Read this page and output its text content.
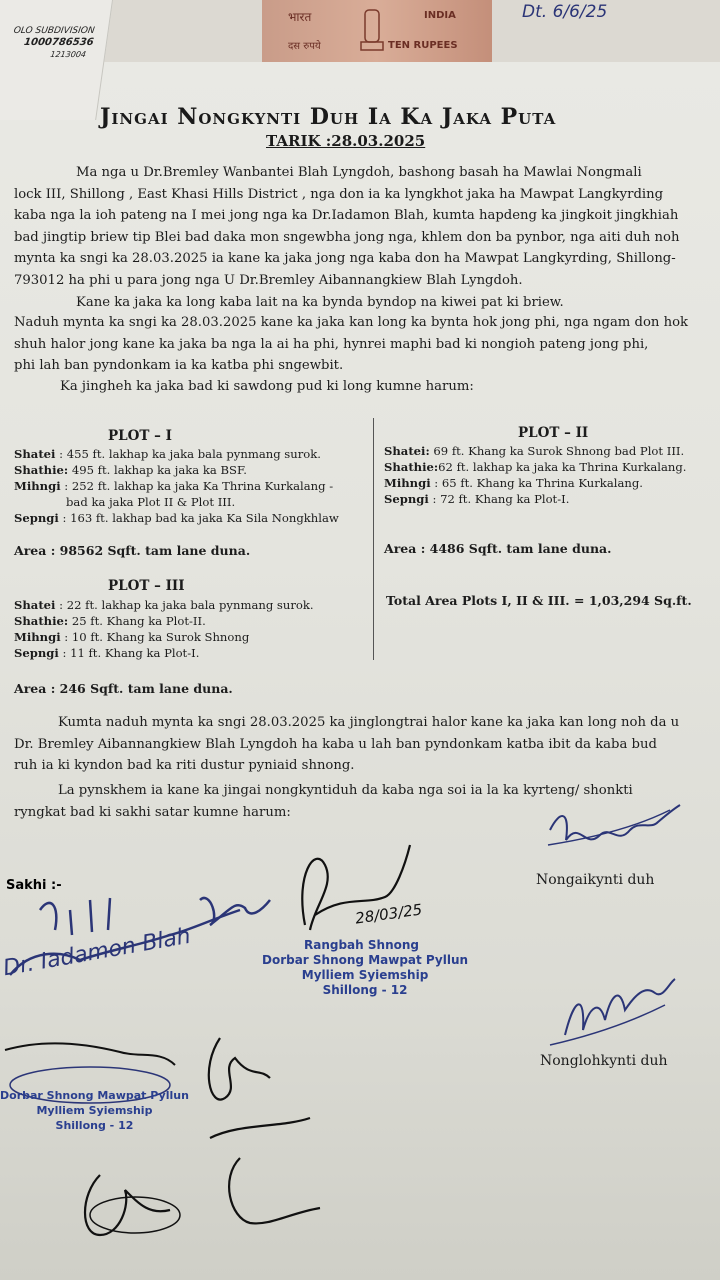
भारत
दस रुपये
INDIA
TEN RUPEES
Dt. 6/6/25
OLO SUBDIVISION
1000786536
1213004
Jingai Nongkynti Duh Ia Ka Jaka Puta
TARIK :28.03.2025
Ma nga u Dr.Bremley Wanbantei Blah Lyngdoh, bashong basah ha Mawlai Nongmali
lock III, Shillong , East Khasi Hills District , nga don ia ka lyngkhot jaka ha Mawpat Langkyrding
kaba nga la ioh pateng na I mei jong nga ka Dr.Iadamon Blah, kumta hapdeng ka jingkoit jingkhiah
bad jingtip briew tip Blei bad daka mon sngewbha jong nga, khlem don ba pynbor, nga aiti duh noh
mynta ka sngi ka 28.03.2025 ia kane ka jaka jong nga kaba don ha Mawpat Langkyrding, Shillong-
793012 ha phi u para jong nga U Dr.Bremley Aibannangkiew Blah Lyngdoh.
Kane ka jaka ka long kaba lait na ka bynda byndop na kiwei pat ki briew.
Naduh mynta ka sngi ka 28.03.2025 kane ka jaka kan long ka bynta hok jong phi, nga ngam don hok
shuh halor jong kane ka jaka ba nga la ai ha phi, hynrei maphi bad ki nongioh pateng jong phi,
phi lah ban pyndonkam ia ka katba phi sngewbit.
Ka jingheh ka jaka bad ki sawdong pud ki long kumne harum:
PLOT – I
Shatei : 455 ft. lakhap ka jaka bala pynmang surok.
Shathie: 495 ft. lakhap ka jaka ka BSF.
Mihngi : 252 ft. lakhap ka jaka Ka Thrina Kurkalang -
bad ka jaka Plot II & Plot III.
Sepngi : 163 ft. lakhap bad ka jaka Ka Sila Nongkhlaw
Area : 98562 Sqft. tam lane duna.
PLOT – II
Shatei: 69 ft. Khang ka Surok Shnong bad Plot III.
Shathie:62 ft. lakhap ka jaka ka Thrina Kurkalang.
Mihngi : 65 ft. Khang ka Thrina Kurkalang.
Sepngi : 72 ft. Khang ka Plot-I.
Area : 4486 Sqft. tam lane duna.
Total Area Plots I, II & III. = 1,03,294 Sq.ft.
PLOT – III
Shatei : 22 ft. lakhap ka jaka bala pynmang surok.
Shathie: 25 ft. Khang ka Plot-II.
Mihngi : 10 ft. Khang ka Surok Shnong
Sepngi : 11 ft. Khang ka Plot-I.
Area : 246 Sqft. tam lane duna.
Kumta naduh mynta ka sngi 28.03.2025 ka jinglongtrai halor kane ka jaka kan long noh da u
Dr. Bremley Aibannangkiew Blah Lyngdoh ha kaba u lah ban pyndonkam katba ibit da kaba bud
ruh ia ki kyndon bad ka riti dustur pyniaid shnong.
La pynskhem ia kane ka jingai nongkyntiduh da kaba nga soi ia la ka kyrteng/ shonkti
ryngkat bad ki sakhi satar kumne harum:
Sakhi :-	Nongaikynti duh
Nonglohkynti duh
Dr. Iadamon Blah
28/03/25
Rangbah Shnong
Dorbar Shnong Mawpat Pyllun
Mylliem Syiemship
Shillong - 12
Dorbar Shnong Mawpat Pyllun
Mylliem Syiemship
Shillong - 12
